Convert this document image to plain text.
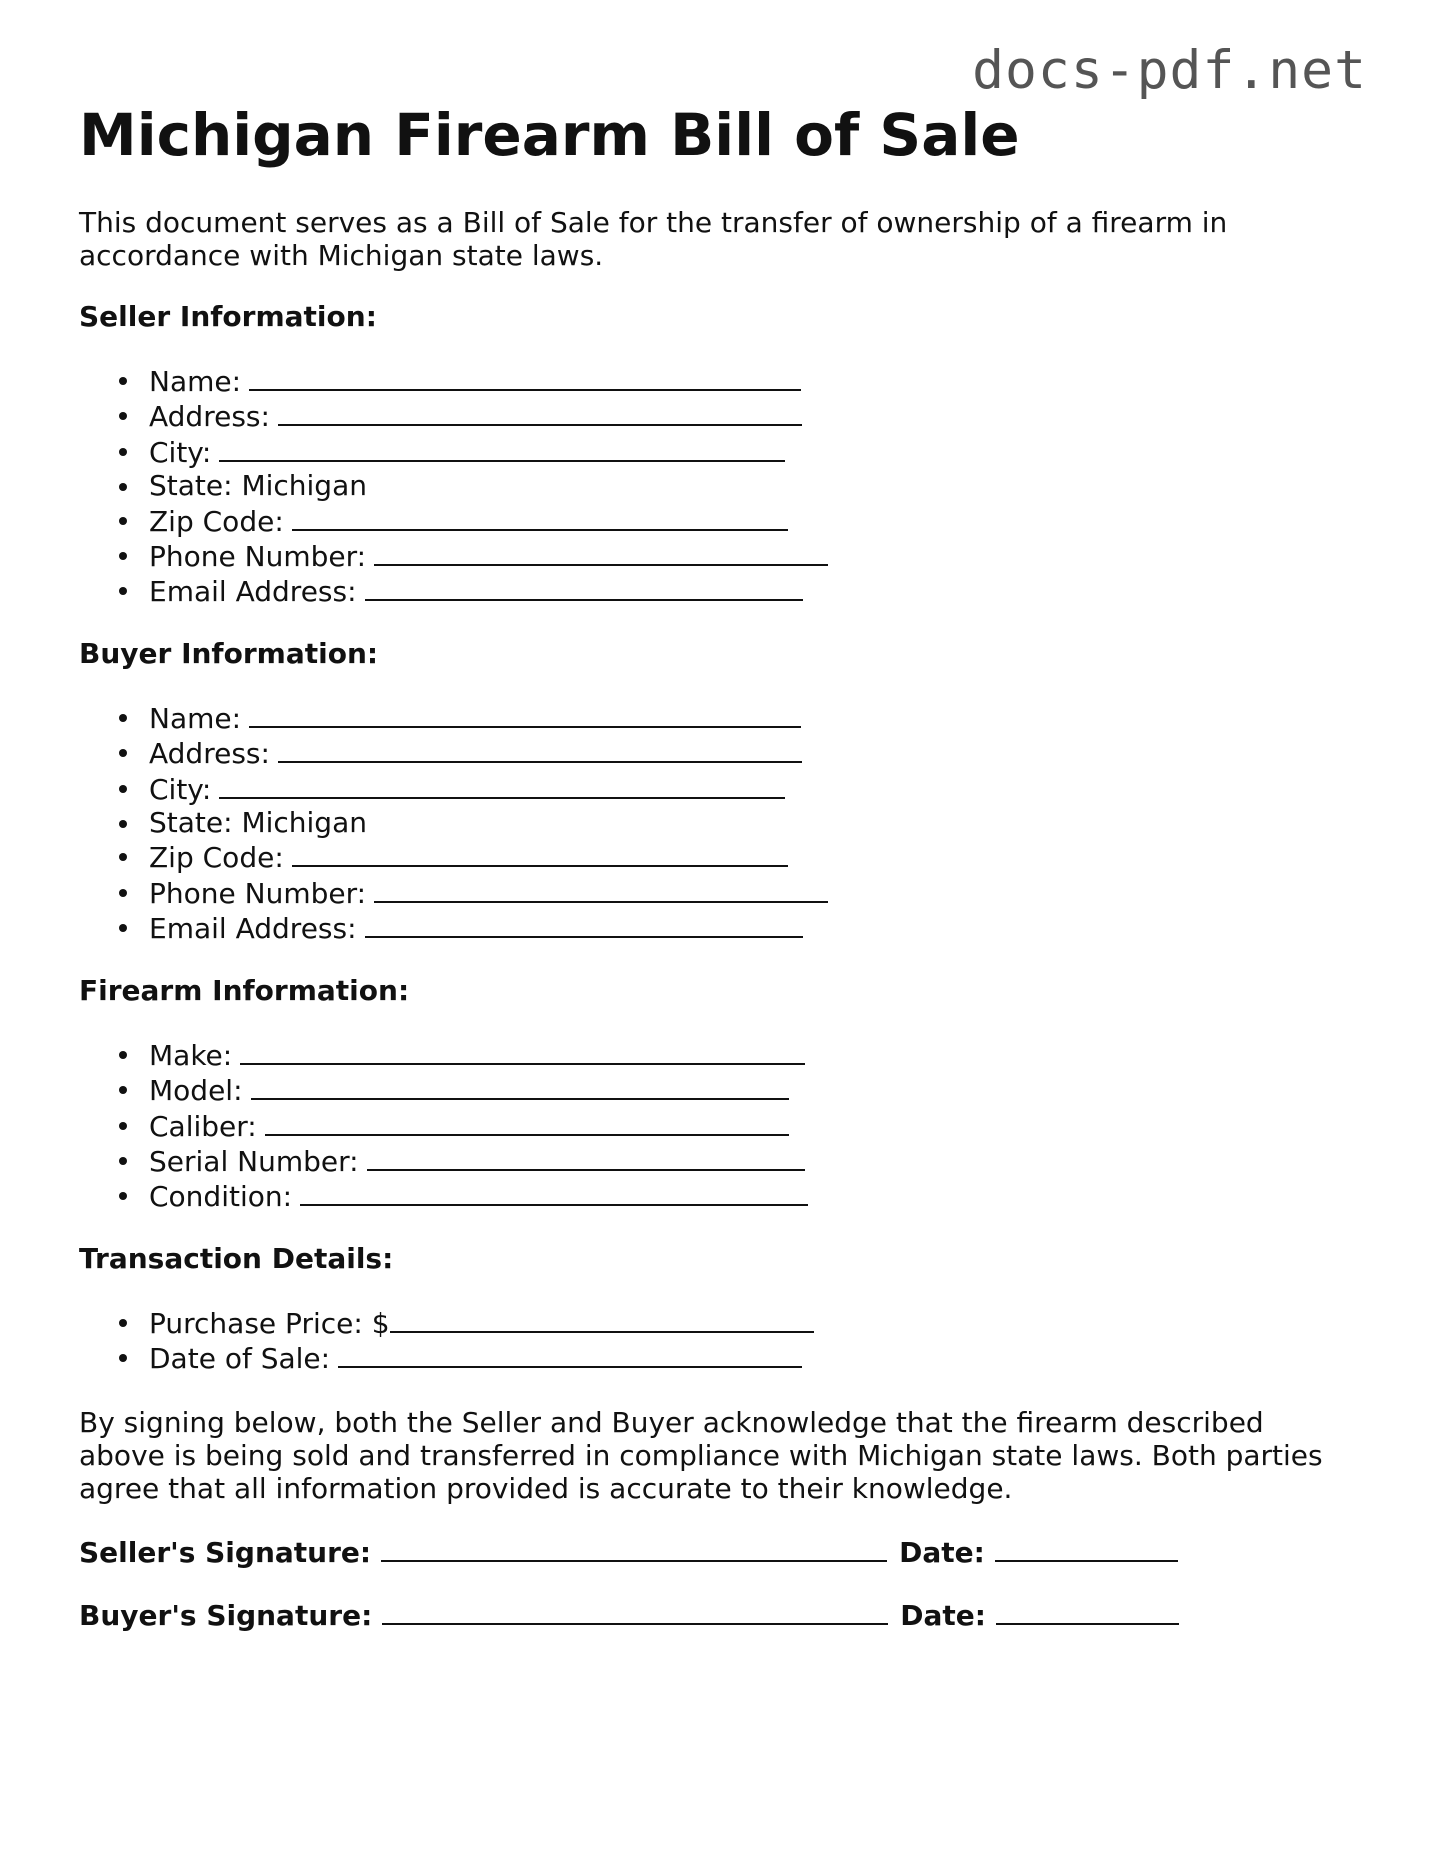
docs-pdf.net
Michigan Firearm Bill of Sale

This document serves as a Bill of Sale for the transfer of ownership of a firearm in accordance with Michigan state laws.

Seller Information:
Name:
Address:
City:
State: Michigan
Zip Code:
Phone Number:
Email Address:
Buyer Information:
Name:
Address:
City:
State: Michigan
Zip Code:
Phone Number:
Email Address:
Firearm Information:
Make:
Model:
Caliber:
Serial Number:
Condition:
Transaction Details:
Purchase Price: $
Date of Sale:

By signing below, both the Seller and Buyer acknowledge that the firearm described above is being sold and transferred in compliance with Michigan state laws. Both parties agree that all information provided is accurate to their knowledge.

Seller's Signature:	Date:
Buyer's Signature:	Date:
